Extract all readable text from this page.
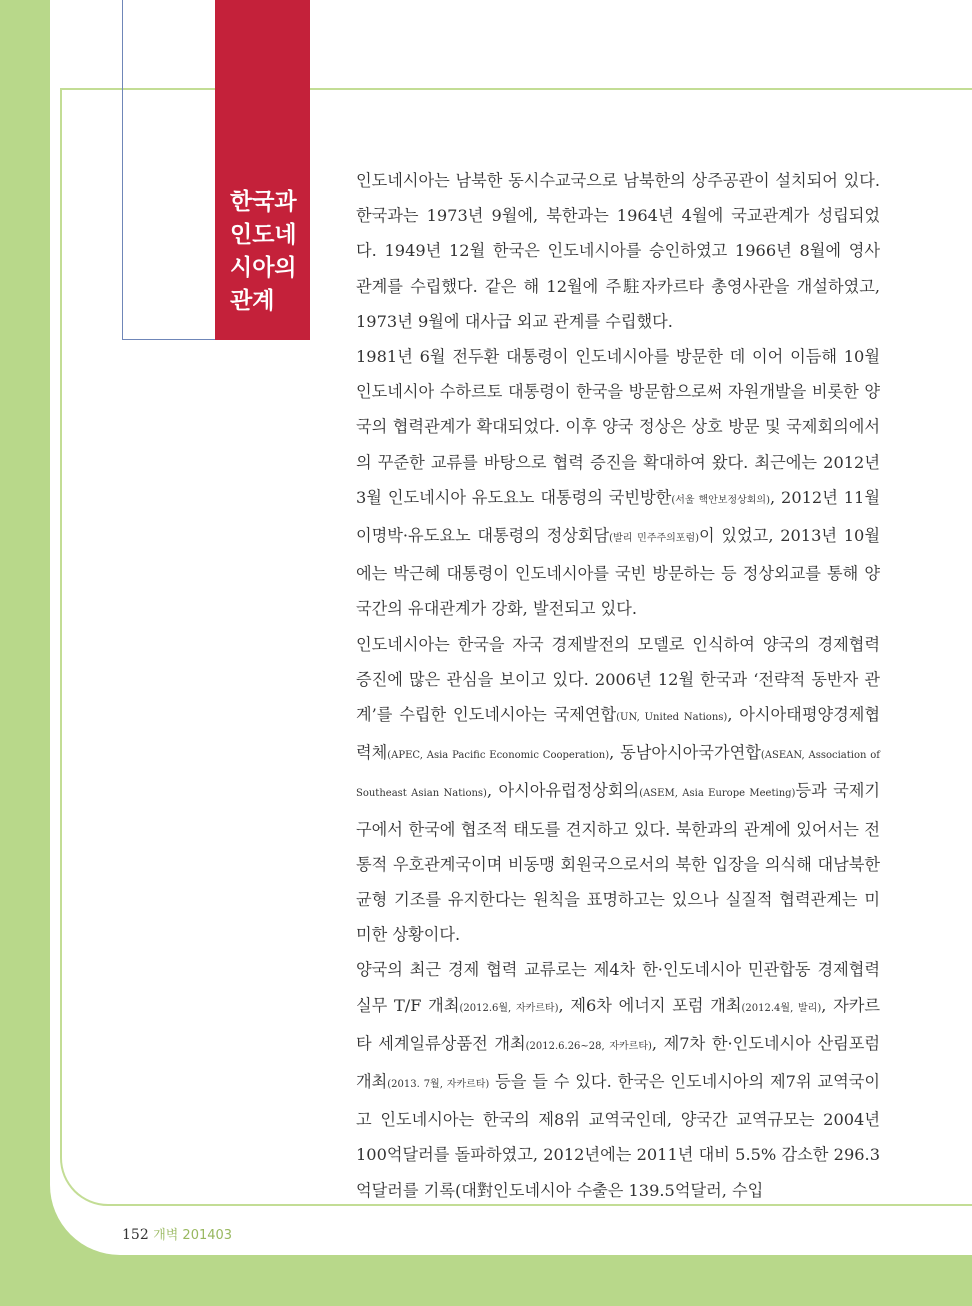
한국과
인도네
시아의
관계

인도네시아는 남북한 동시수교국으로 남북한의 상주공관이 설치되어 있다. 한국과는 1973년 9월에, 북한과는 1964년 4월에 국교관계가 성립되었다. 1949년 12월 한국은 인도네시아를 승인하였고 1966년 8월에 영사 관계를 수립했다. 같은 해 12월에 주駐자카르타 총영사관을 개설하였고, 1973년 9월에 대사급 외교 관계를 수립했다.

1981년 6월 전두환 대통령이 인도네시아를 방문한 데 이어 이듬해 10월 인도네시아 수하르토 대통령이 한국을 방문함으로써 자원개발을 비롯한 양국의 협력관계가 확대되었다. 이후 양국 정상은 상호 방문 및 국제회의에서의 꾸준한 교류를 바탕으로 협력 증진을 확대하여 왔다. 최근에는 2012년 3월 인도네시아 유도요노 대통령의 국빈방한(서울 핵안보정상회의), 2012년 11월 이명박·유도요노 대통령의 정상회담(발리 민주주의포럼)이 있었고, 2013년 10월에는 박근혜 대통령이 인도네시아를 국빈 방문하는 등 정상외교를 통해 양국간의 유대관계가 강화, 발전되고 있다.

인도네시아는 한국을 자국 경제발전의 모델로 인식하여 양국의 경제협력 증진에 많은 관심을 보이고 있다. 2006년 12월 한국과 ‘전략적 동반자 관계’를 수립한 인도네시아는 국제연합(UN, United Nations), 아시아태평양경제협력체(APEC, Asia Pacific Economic Cooperation), 동남아시아국가연합(ASEAN, Association of Southeast Asian Nations), 아시아유럽정상회의(ASEM, Asia Europe Meeting)등과 국제기구에서 한국에 협조적 태도를 견지하고 있다. 북한과의 관계에 있어서는 전통적 우호관계국이며 비동맹 회원국으로서의 북한 입장을 의식해 대남북한 균형 기조를 유지한다는 원칙을 표명하고는 있으나 실질적 협력관계는 미미한 상황이다.

양국의 최근 경제 협력 교류로는 제4차 한·인도네시아 민관합동 경제협력실무 T/F 개최(2012.6월, 자카르타), 제6차 에너지 포럼 개최(2012.4월, 발리), 자카르타 세계일류상품전 개최(2012.6.26~28, 자카르타), 제7차 한·인도네시아 산림포럼 개최(2013. 7월, 자카르타) 등을 들 수 있다. 한국은 인도네시아의 제7위 교역국이고 인도네시아는 한국의 제8위 교역국인데, 양국간 교역규모는 2004년 100억달러를 돌파하였고, 2012년에는 2011년 대비 5.5% 감소한 296.3억달러를 기록(대對인도네시아 수출은 139.5억달러, 수입

152 개벽 201403
